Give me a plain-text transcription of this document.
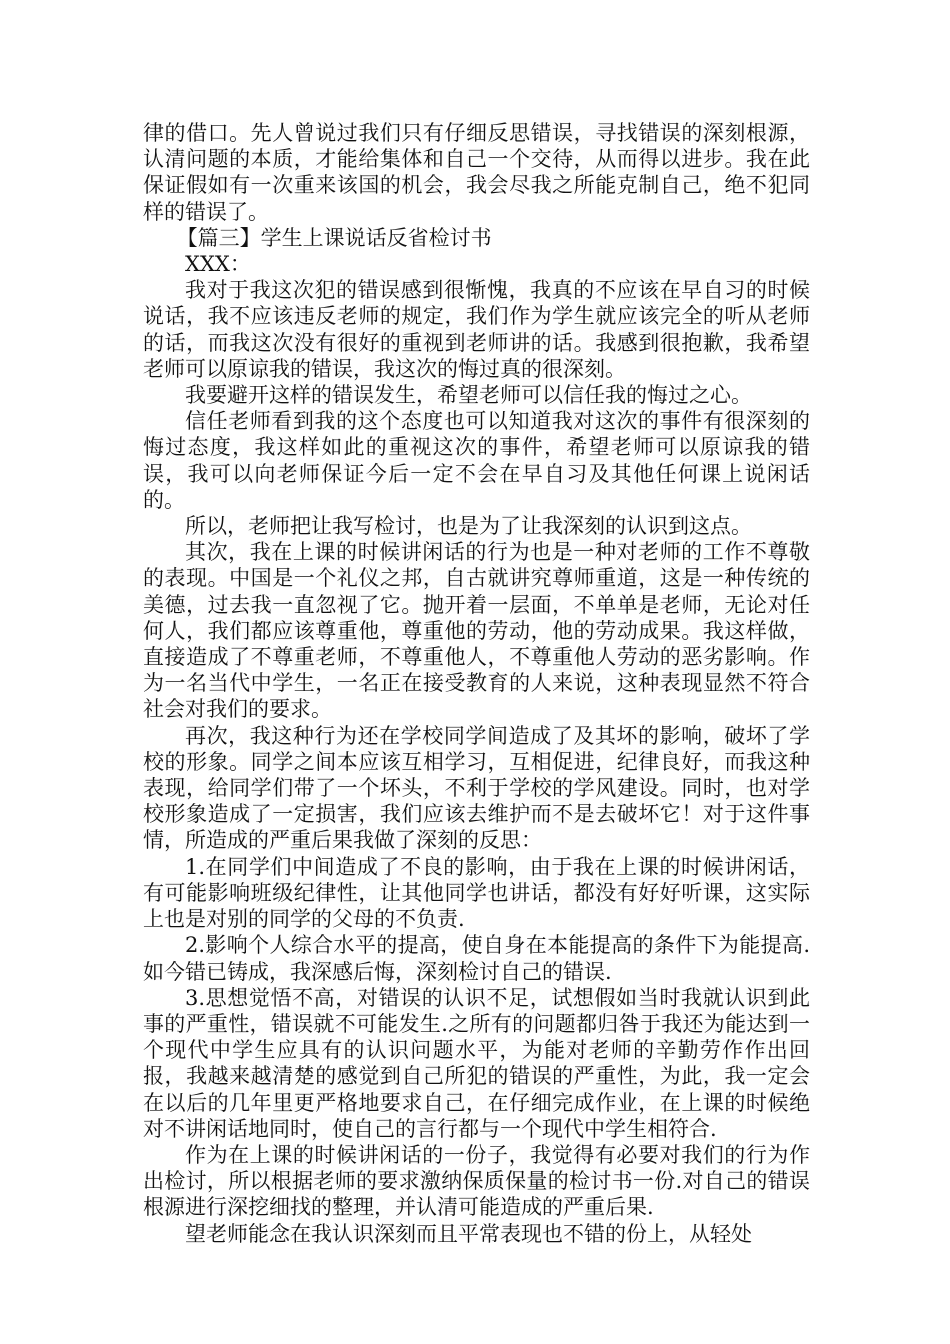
律的借口。先人曾说过我们只有仔细反思错误，寻找错误的深刻根源，认清问题的本质，才能给集体和自己一个交待，从而得以进步。我在此保证假如有一次重来该国的机会，我会尽我之所能克制自己，绝不犯同样的错误了。

【篇三】学生上课说话反省检讨书

XXX：

我对于我这次犯的错误感到很惭愧，我真的不应该在早自习的时候说话，我不应该违反老师的规定，我们作为学生就应该完全的听从老师的话，而我这次没有很好的重视到老师讲的话。我感到很抱歉，我希望老师可以原谅我的错误，我这次的悔过真的很深刻。

我要避开这样的错误发生，希望老师可以信任我的悔过之心。

信任老师看到我的这个态度也可以知道我对这次的事件有很深刻的悔过态度，我这样如此的重视这次的事件，希望老师可以原谅我的错误，我可以向老师保证今后一定不会在早自习及其他任何课上说闲话的。

所以，老师把让我写检讨，也是为了让我深刻的认识到这点。

其次，我在上课的时候讲闲话的行为也是一种对老师的工作不尊敬的表现。中国是一个礼仪之邦，自古就讲究尊师重道，这是一种传统的美德，过去我一直忽视了它。抛开着一层面，不单单是老师，无论对任何人，我们都应该尊重他，尊重他的劳动，他的劳动成果。我这样做，直接造成了不尊重老师，不尊重他人，不尊重他人劳动的恶劣影响。作为一名当代中学生，一名正在接受教育的人来说，这种表现显然不符合社会对我们的要求。

再次，我这种行为还在学校同学间造成了及其坏的影响，破坏了学校的形象。同学之间本应该互相学习，互相促进，纪律良好，而我这种表现，给同学们带了一个坏头，不利于学校的学风建设。同时，也对学校形象造成了一定损害，我们应该去维护而不是去破坏它！对于这件事情，所造成的严重后果我做了深刻的反思：

1.在同学们中间造成了不良的影响，由于我在上课的时候讲闲话，有可能影响班级纪律性，让其他同学也讲话，都没有好好听课，这实际上也是对别的同学的父母的不负责.

2.影响个人综合水平的提高，使自身在本能提高的条件下为能提高.如今错已铸成，我深感后悔，深刻检讨自己的错误.

3.思想觉悟不高，对错误的认识不足，试想假如当时我就认识到此事的严重性，错误就不可能发生.之所有的问题都归咎于我还为能达到一个现代中学生应具有的认识问题水平，为能对老师的辛勤劳作作出回报，我越来越清楚的感觉到自己所犯的错误的严重性，为此，我一定会在以后的几年里更严格地要求自己，在仔细完成作业，在上课的时候绝对不讲闲话地同时，使自己的言行都与一个现代中学生相符合.

作为在上课的时候讲闲话的一份子，我觉得有必要对我们的行为作出检讨，所以根据老师的要求激纳保质保量的检讨书一份.对自己的错误根源进行深挖细找的整理，并认清可能造成的严重后果.

望老师能念在我认识深刻而且平常表现也不错的份上，从轻处
